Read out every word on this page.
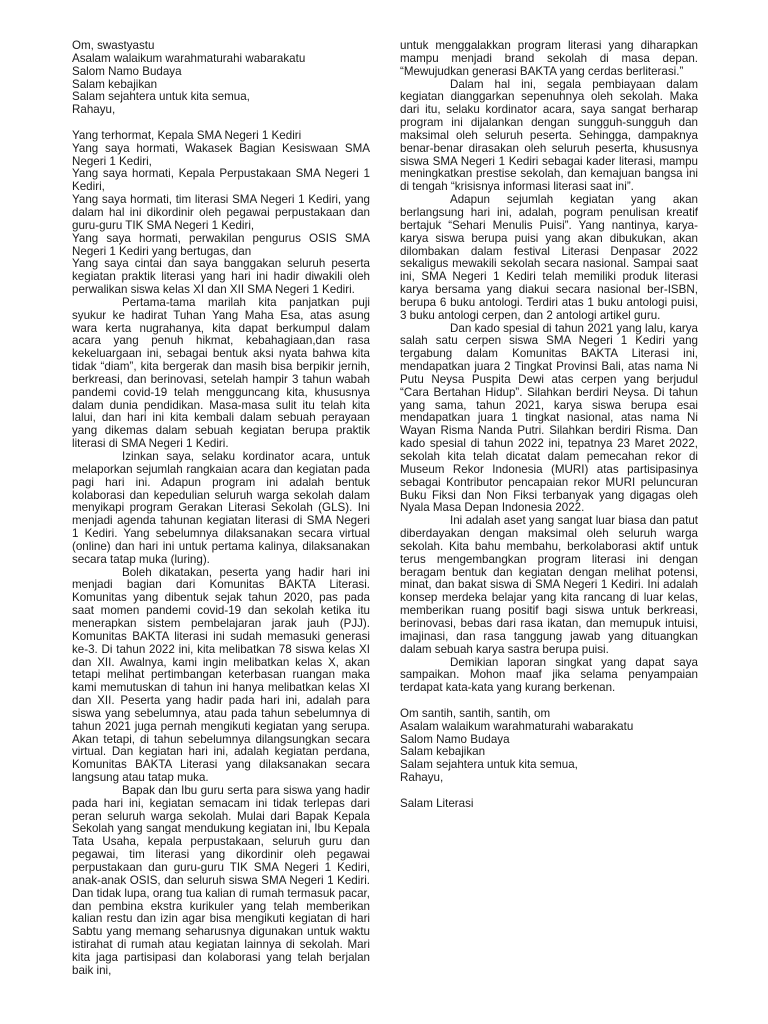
Om, swastyastu
Asalam walaikum warahmaturahi wabarakatu
Salom Namo Budaya
Salam kebajikan
Salam sejahtera untuk kita semua,
Rahayu,

Yang terhormat, Kepala SMA Negeri 1 Kediri

Yang saya hormati, Wakasek Bagian Kesiswaan SMA Negeri 1 Kediri,

Yang saya hormati, Kepala Perpustakaan SMA Negeri 1 Kediri,

Yang saya hormati, tim literasi SMA Negeri 1 Kediri, yang dalam hal ini dikordinir oleh pegawai perpustakaan dan guru-guru TIK SMA Negeri 1 Kediri,

Yang saya hormati, perwakilan pengurus OSIS SMA Negeri 1 Kediri yang bertugas, dan

Yang saya cintai dan saya banggakan seluruh peserta kegiatan praktik literasi yang hari ini hadir diwakili oleh perwalikan siswa kelas XI dan XII SMA Negeri 1 Kediri.

Pertama-tama marilah kita panjatkan puji syukur ke hadirat Tuhan Yang Maha Esa, atas asung wara kerta nugrahanya, kita dapat berkumpul dalam acara yang penuh hikmat, kebahagiaan,dan rasa kekeluargaan ini, sebagai bentuk aksi nyata bahwa kita tidak “diam”, kita bergerak dan masih bisa berpikir jernih, berkreasi, dan berinovasi, setelah hampir 3 tahun wabah pandemi covid-19 telah mengguncang kita, khususnya dalam dunia pendidikan. Masa-masa sulit itu telah kita lalui, dan hari ini kita kembali dalam sebuah perayaan yang dikemas dalam sebuah kegiatan berupa praktik literasi di SMA Negeri 1 Kediri.

Izinkan saya, selaku kordinator acara, untuk melaporkan sejumlah rangkaian acara dan kegiatan pada pagi hari ini. Adapun program ini adalah bentuk kolaborasi dan kepedulian seluruh warga sekolah dalam menyikapi program Gerakan Literasi Sekolah (GLS). Ini menjadi agenda tahunan kegiatan literasi di SMA Negeri 1 Kediri. Yang sebelumnya dilaksanakan secara virtual (online) dan hari ini untuk pertama kalinya, dilaksanakan secara tatap muka (luring).

Boleh dikatakan, peserta yang hadir hari ini menjadi bagian dari Komunitas BAKTA Literasi. Komunitas yang dibentuk sejak tahun 2020, pas pada saat momen pandemi covid-19 dan sekolah ketika itu menerapkan sistem pembelajaran jarak jauh (PJJ). Komunitas BAKTA literasi ini sudah memasuki generasi ke-3. Di tahun 2022 ini, kita melibatkan 78 siswa kelas XI dan XII. Awalnya, kami ingin melibatkan kelas X, akan tetapi melihat pertimbangan keterbasan ruangan maka kami memutuskan di tahun ini hanya melibatkan kelas XI dan XII. Peserta yang hadir pada hari ini, adalah para siswa yang sebelumnya, atau pada tahun sebelumnya di tahun 2021 juga pernah mengikuti kegiatan yang serupa. Akan tetapi, di tahun sebelumnya dilangsungkan secara virtual. Dan kegiatan hari ini, adalah kegiatan perdana, Komunitas BAKTA Literasi yang dilaksanakan secara langsung atau tatap muka.

Bapak dan Ibu guru serta para siswa yang hadir pada hari ini, kegiatan semacam ini tidak terlepas dari peran seluruh warga sekolah. Mulai dari Bapak Kepala Sekolah yang sangat mendukung kegiatan ini, Ibu Kepala Tata Usaha, kepala perpustakaan, seluruh guru dan pegawai, tim literasi yang dikordinir oleh pegawai perpustakaan dan guru-guru TIK SMA Negeri 1 Kediri, anak-anak OSIS, dan seluruh siswa SMA Negeri 1 Kediri. Dan tidak lupa, orang tua kalian di rumah termasuk pacar, dan pembina ekstra kurikuler yang telah memberikan kalian restu dan izin agar bisa mengikuti kegiatan di hari Sabtu yang memang seharusnya digunakan untuk waktu istirahat di rumah atau kegiatan lainnya di sekolah. Mari kita jaga partisipasi dan kolaborasi yang telah berjalan baik ini,

untuk menggalakkan program literasi yang diharapkan mampu menjadi brand sekolah di masa depan. “Mewujudkan generasi BAKTA yang cerdas berliterasi.”

Dalam hal ini, segala pembiayaan dalam kegiatan dianggarkan sepenuhnya oleh sekolah. Maka dari itu, selaku kordinator acara, saya sangat berharap program ini dijalankan dengan sungguh-sungguh dan maksimal oleh seluruh peserta. Sehingga, dampaknya benar-benar dirasakan oleh seluruh peserta, khususnya siswa SMA Negeri 1 Kediri sebagai kader literasi, mampu meningkatkan prestise sekolah, dan kemajuan bangsa ini di tengah “krisisnya informasi literasi saat ini”.

Adapun sejumlah kegiatan yang akan berlangsung hari ini, adalah, pogram penulisan kreatif bertajuk “Sehari Menulis Puisi”. Yang nantinya, karya-karya siswa berupa puisi yang akan dibukukan, akan dilombakan dalam festival Literasi Denpasar 2022 sekaligus mewakili sekolah secara nasional. Sampai saat ini, SMA Negeri 1 Kediri telah memiliki produk literasi karya bersama yang diakui secara nasional ber-ISBN, berupa 6 buku antologi. Terdiri atas 1 buku antologi puisi, 3 buku antologi cerpen, dan 2 antologi artikel guru.

Dan kado spesial di tahun 2021 yang lalu, karya salah satu cerpen siswa SMA Negeri 1 Kediri yang tergabung dalam Komunitas BAKTA Literasi ini, mendapatkan juara 2 Tingkat Provinsi Bali, atas nama Ni Putu Neysa Puspita Dewi atas cerpen yang berjudul “Cara Bertahan Hidup”. Silahkan berdiri Neysa. Di tahun yang sama, tahun 2021, karya siswa berupa esai mendapatkan juara 1 tingkat nasional, atas nama Ni Wayan Risma Nanda Putri. Silahkan berdiri Risma. Dan kado spesial di tahun 2022 ini, tepatnya 23 Maret 2022, sekolah kita telah dicatat dalam pemecahan rekor di Museum Rekor Indonesia (MURI) atas partisipasinya sebagai Kontributor pencapaian rekor MURI peluncuran Buku Fiksi dan Non Fiksi terbanyak yang digagas oleh Nyala Masa Depan Indonesia 2022.

Ini adalah aset yang sangat luar biasa dan patut diberdayakan dengan maksimal oleh seluruh warga sekolah. Kita bahu membahu, berkolaborasi aktif untuk terus mengembangkan program literasi ini dengan beragam bentuk dan kegiatan dengan melihat potensi, minat, dan bakat siswa di SMA Negeri 1 Kediri. Ini adalah konsep merdeka belajar yang kita rancang di luar kelas, memberikan ruang positif bagi siswa untuk berkreasi, berinovasi, bebas dari rasa ikatan, dan memupuk intuisi, imajinasi, dan rasa tanggung jawab yang dituangkan dalam sebuah karya sastra berupa puisi.

Demikian laporan singkat yang dapat saya sampaikan. Mohon maaf jika selama penyampaian terdapat kata-kata yang kurang berkenan.

Om santih, santih, santih, om
Asalam walaikum warahmaturahi wabarakatu
Salom Namo Budaya
Salam kebajikan
Salam sejahtera untuk kita semua,
Rahayu,
Salam Literasi
